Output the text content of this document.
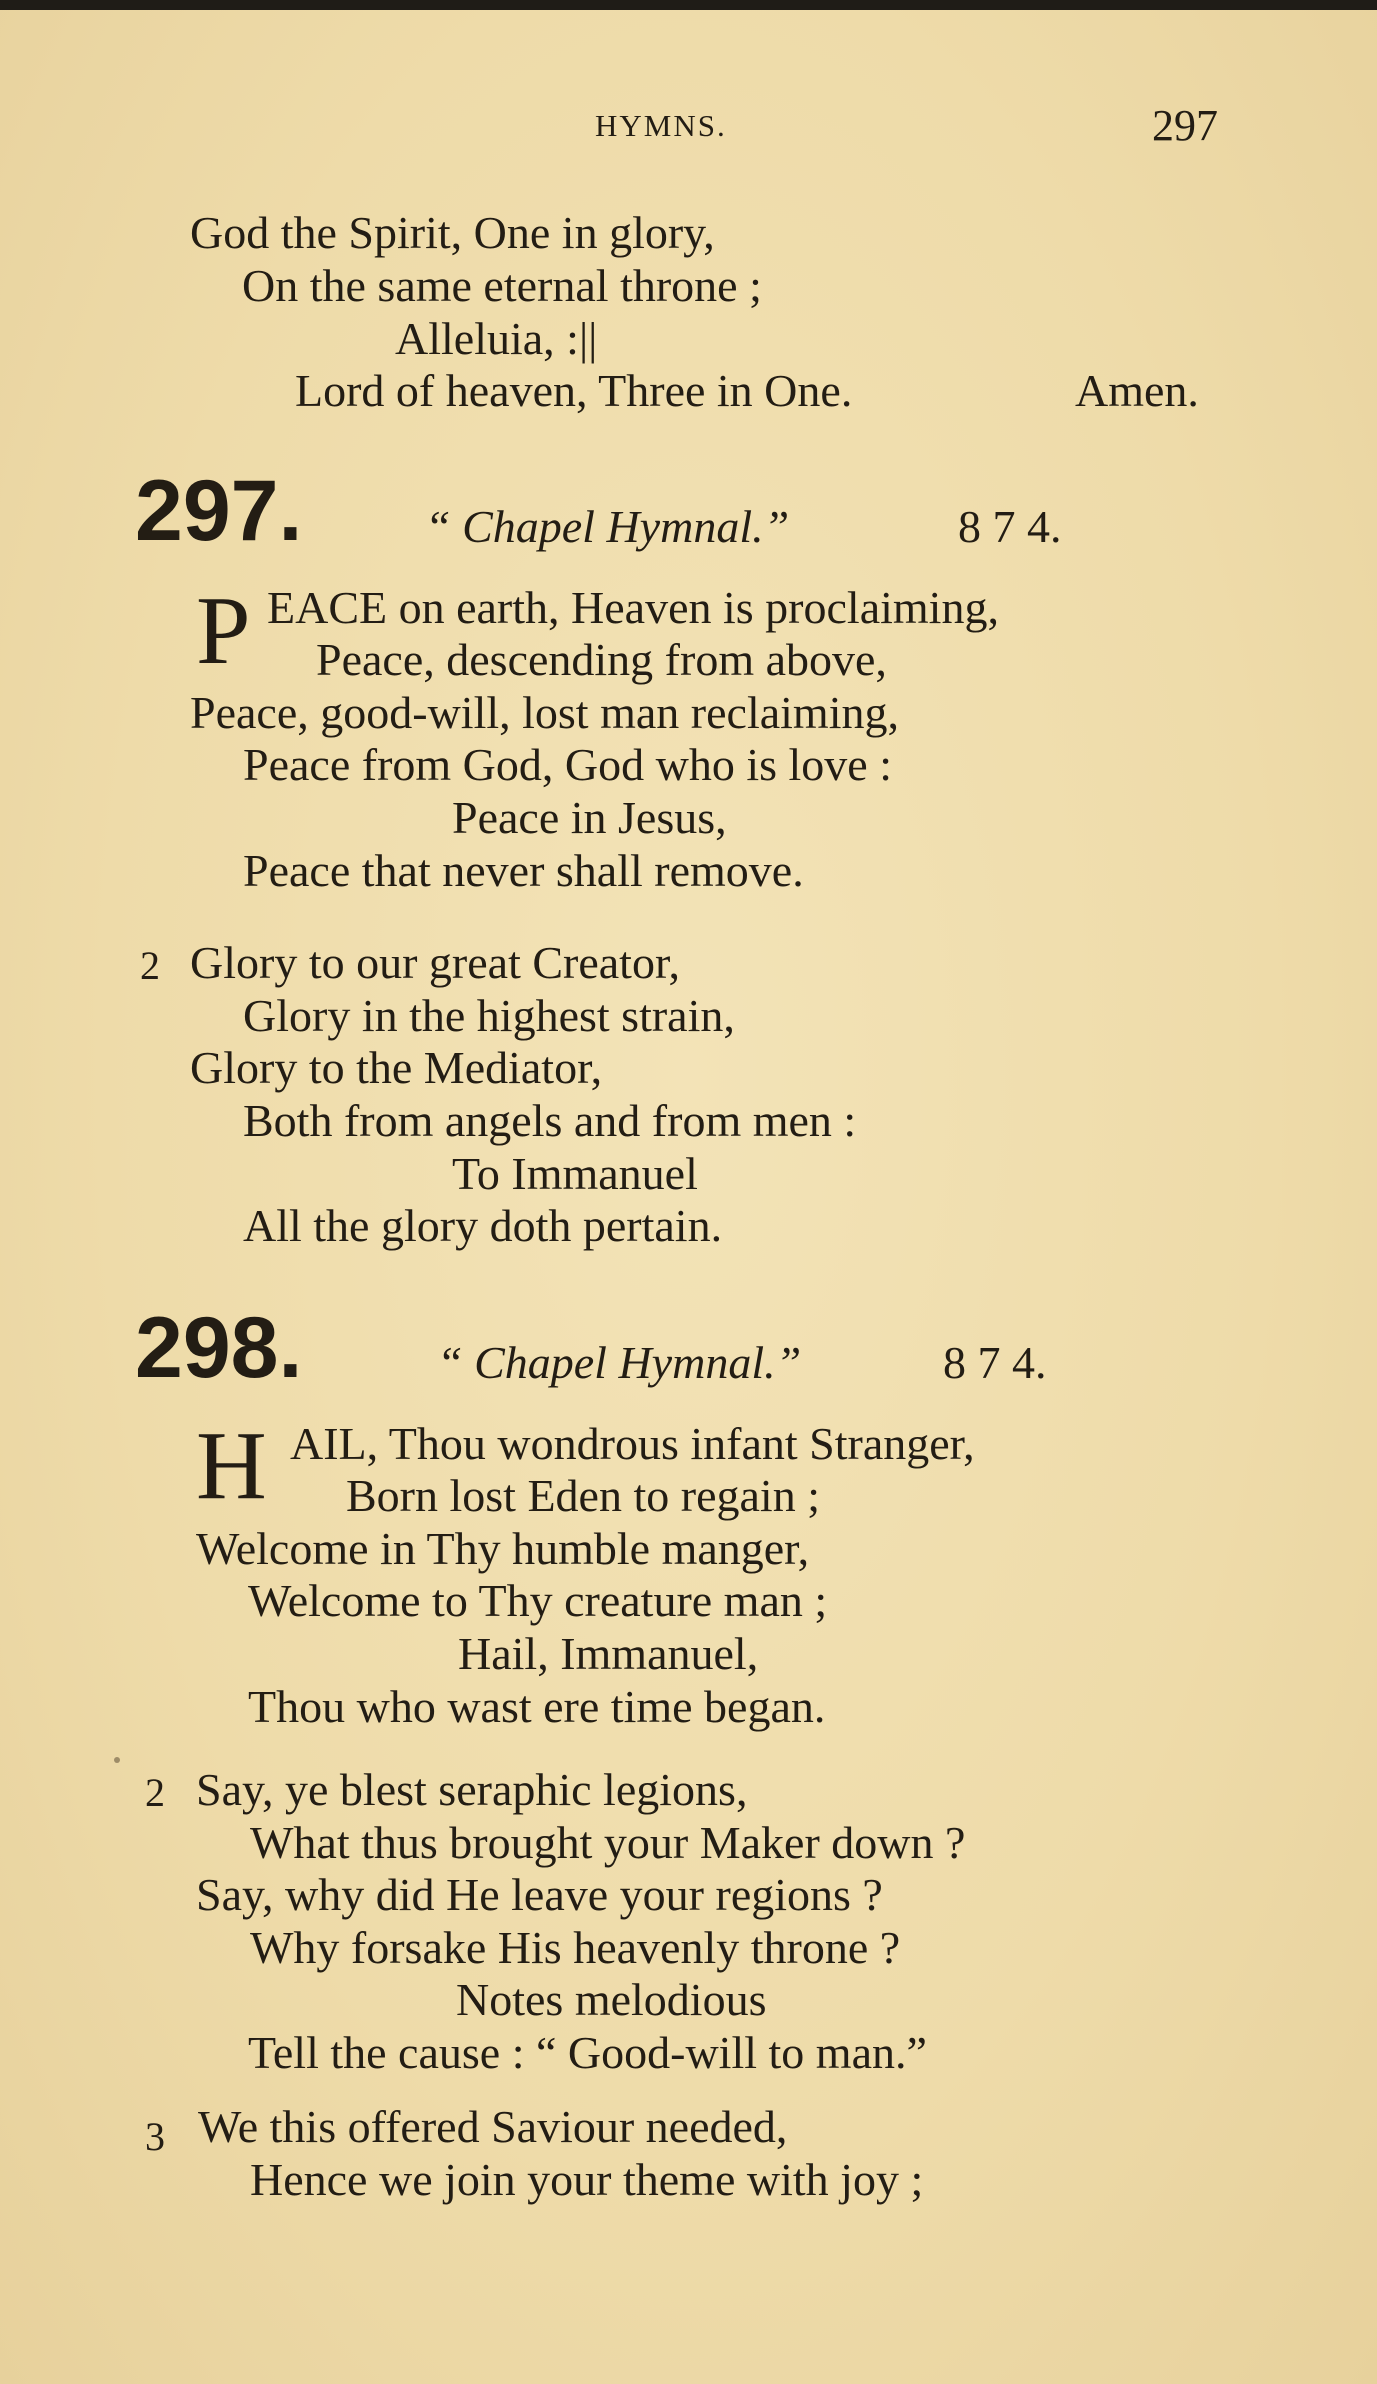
HYMNS.	297
God the Spirit, One in glory,
On the same eternal throne ;
Alleluia, :||
Lord of heaven, Three in One.	Amen.
297.	“ Chapel Hymnal.”	8 7 4.
P EACE on earth, Heaven is proclaiming,
Peace, descending from above,
Peace, good-will, lost man reclaiming,
Peace from God, God who is love :
Peace in Jesus,
Peace that never shall remove.
2 Glory to our great Creator,
Glory in the highest strain,
Glory to the Mediator,
Both from angels and from men :
To Immanuel
All the glory doth pertain.
298.	“ Chapel Hymnal.”	8 7 4.
H AIL, Thou wondrous infant Stranger,
Born lost Eden to regain ;
Welcome in Thy humble manger,
Welcome to Thy creature man ;
Hail, Immanuel,
Thou who wast ere time began.
2 Say, ye blest seraphic legions,
What thus brought your Maker down ?
Say, why did He leave your regions ?
Why forsake His heavenly throne ?
Notes melodious
Tell the cause : “ Good-will to man.”
3 We this offered Saviour needed,
Hence we join your theme with joy ;
